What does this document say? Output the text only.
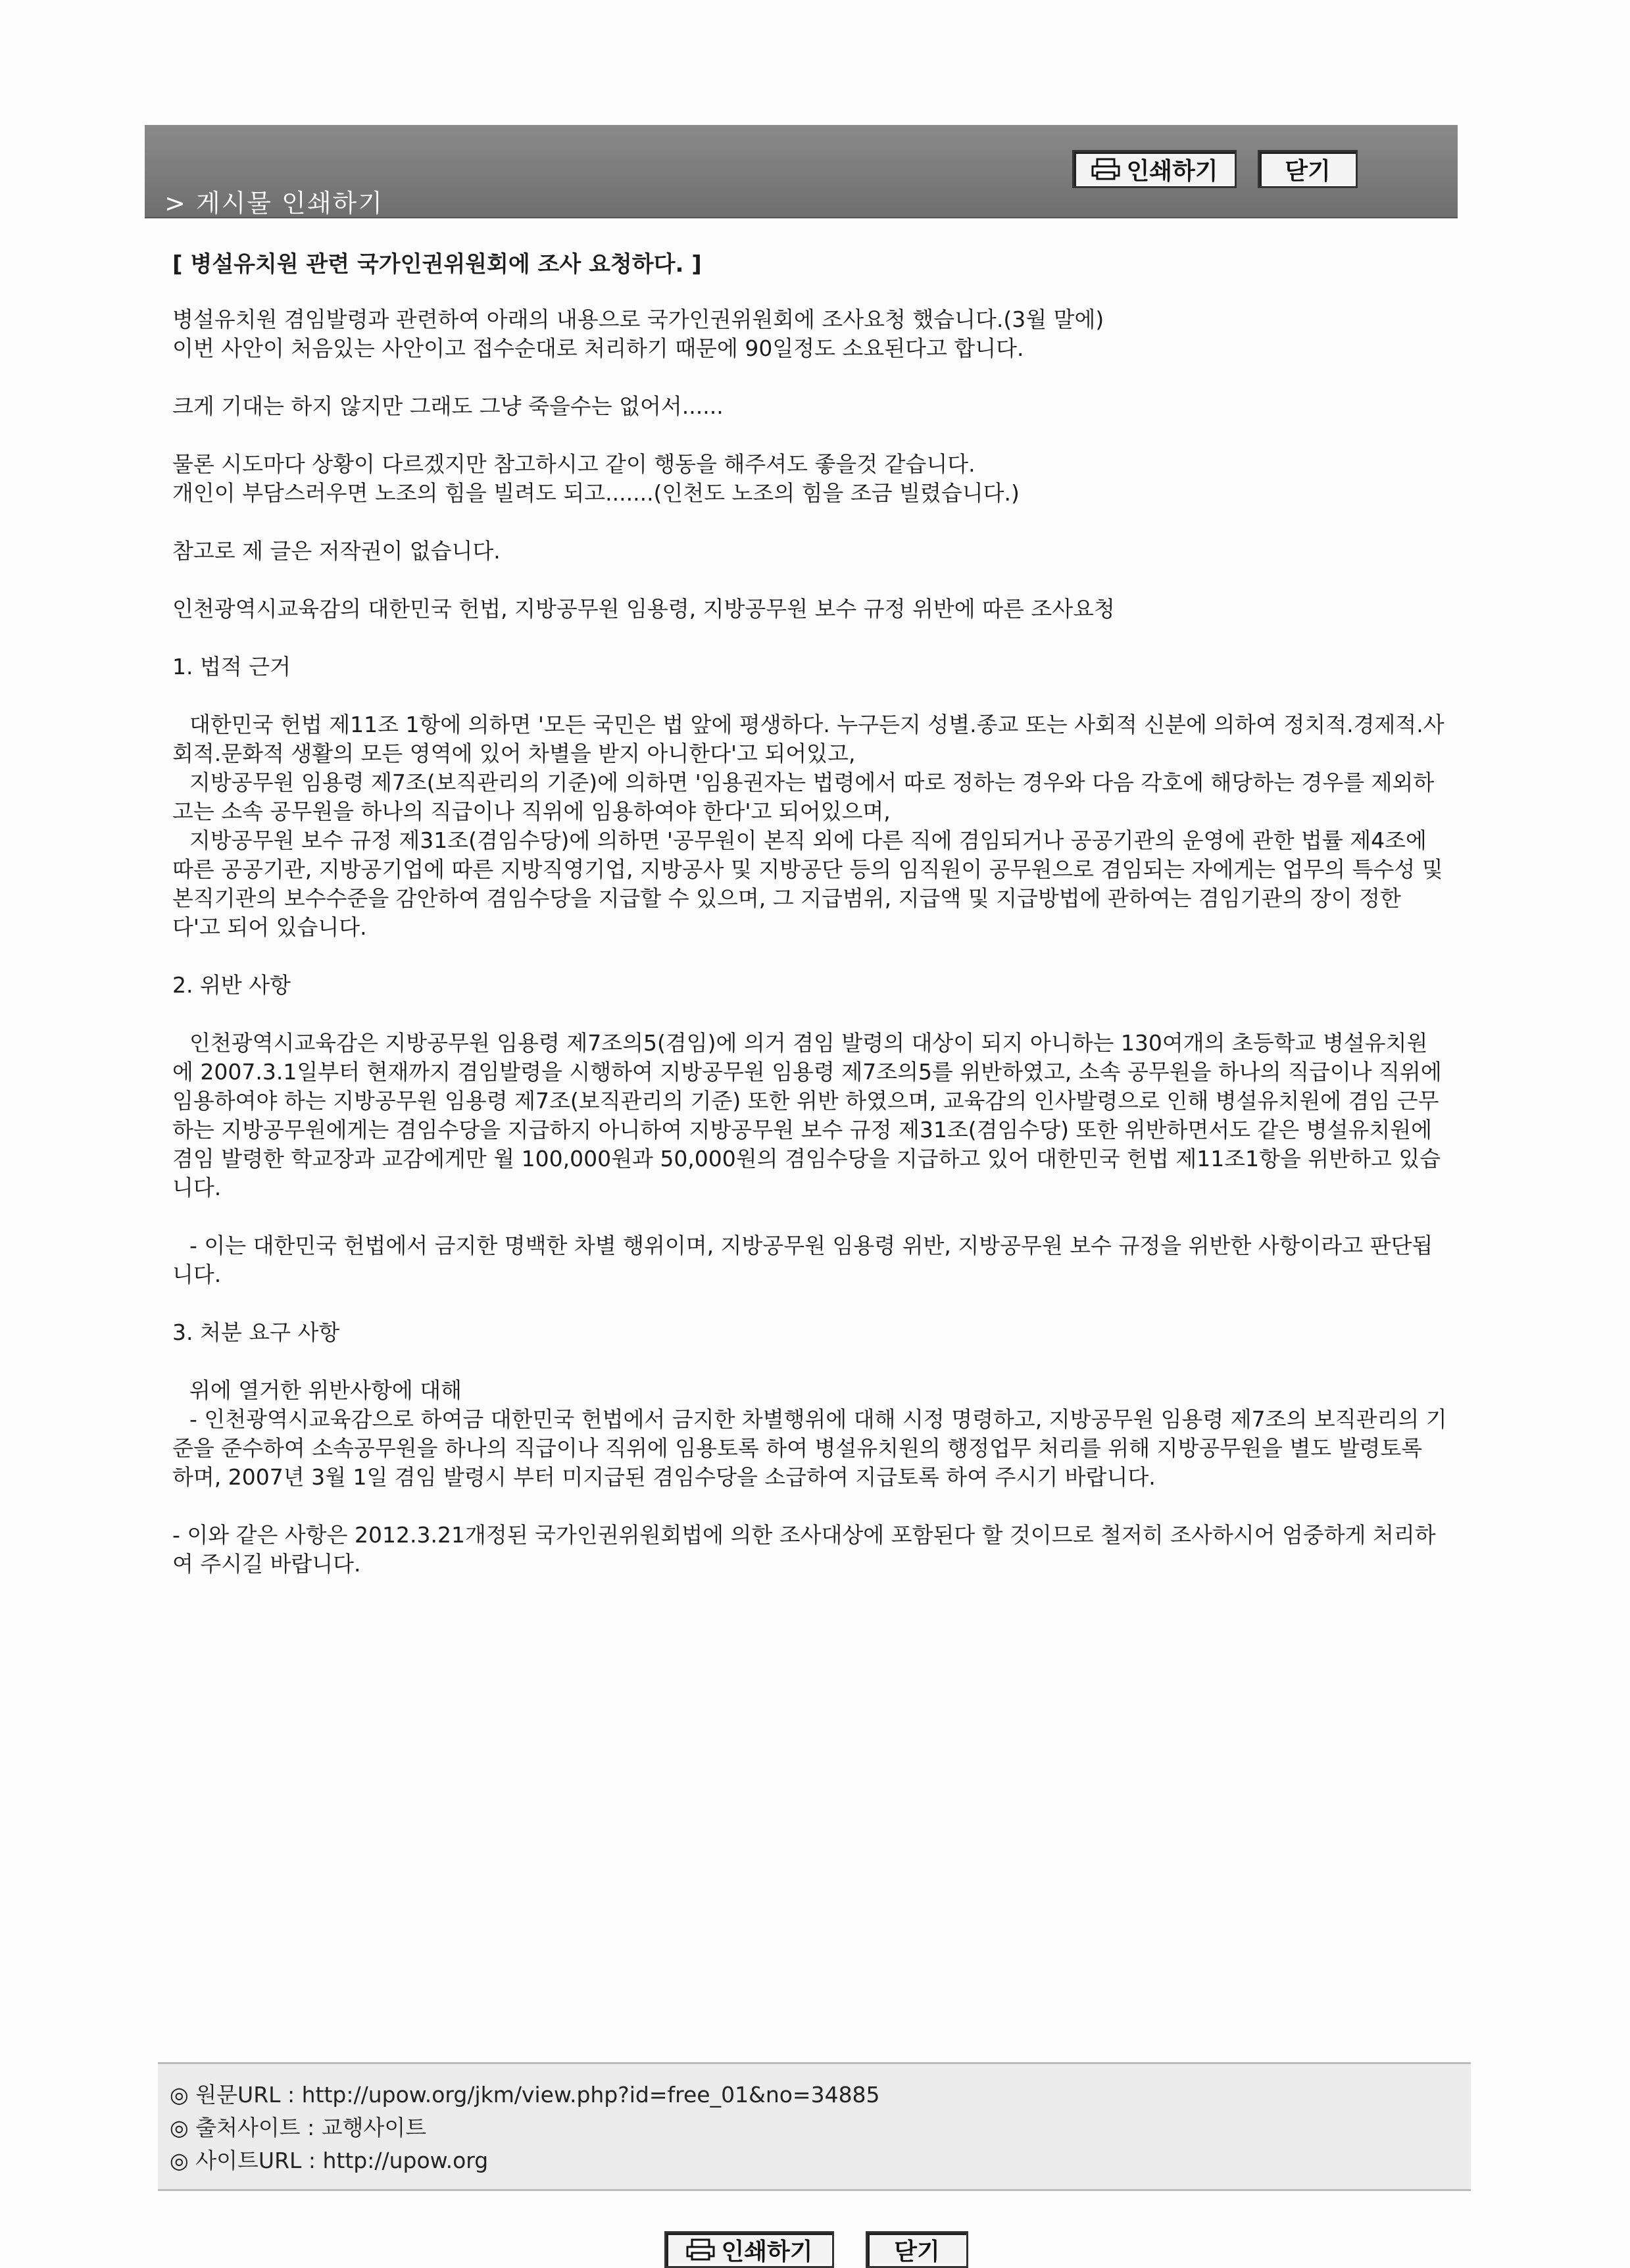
> 게시물 인쇄하기
인쇄하기	닫기

[ 병설유치원 관련 국가인권위원회에 조사 요청하다. ]

병설유치원 겸임발령과 관련하여 아래의 내용으로 국가인권위원회에 조사요청 했습니다.(3월 말에)

이번 사안이 처음있는 사안이고 접수순대로 처리하기 때문에 90일정도 소요된다고 합니다.

크게 기대는 하지 않지만 그래도 그냥 죽을수는 없어서......

물론 시도마다 상황이 다르겠지만 참고하시고 같이 행동을 해주셔도 좋을것 같습니다.

개인이 부담스러우면 노조의 힘을 빌려도 되고.......(인천도 노조의 힘을 조금 빌렸습니다.)

참고로 제 글은 저작권이 없습니다.

인천광역시교육감의 대한민국 헌법, 지방공무원 임용령, 지방공무원 보수 규정 위반에 따른 조사요청

1. 법적 근거

대한민국 헌법 제11조 1항에 의하면 '모든 국민은 법 앞에 평생하다. 누구든지 성별.종교 또는 사회적 신분에 의하여 정치적.경제적.사회적.문화적 생활의 모든 영역에 있어 차별을 받지 아니한다'고 되어있고,

지방공무원 임용령 제7조(보직관리의 기준)에 의하면 '임용권자는 법령에서 따로 정하는 경우와 다음 각호에 해당하는 경우를 제외하고는 소속 공무원을 하나의 직급이나 직위에 임용하여야 한다'고 되어있으며,

지방공무원 보수 규정 제31조(겸임수당)에 의하면 '공무원이 본직 외에 다른 직에 겸임되거나 공공기관의 운영에 관한 법률 제4조에 따른 공공기관, 지방공기업에 따른 지방직영기업, 지방공사 및 지방공단 등의 임직원이 공무원으로 겸임되는 자에게는 업무의 특수성 및 본직기관의 보수수준을 감안하여 겸임수당을 지급할 수 있으며, 그 지급범위, 지급액 및 지급방법에 관하여는 겸임기관의 장이 정한다'고 되어 있습니다.

2. 위반 사항

인천광역시교육감은 지방공무원 임용령 제7조의5(겸임)에 의거 겸임 발령의 대상이 되지 아니하는 130여개의 초등학교 병설유치원에 2007.3.1일부터 현재까지 겸임발령을 시행하여 지방공무원 임용령 제7조의5를 위반하였고, 소속 공무원을 하나의 직급이나 직위에 임용하여야 하는 지방공무원 임용령 제7조(보직관리의 기준) 또한 위반 하였으며, 교육감의 인사발령으로 인해 병설유치원에 겸임 근무하는 지방공무원에게는 겸임수당을 지급하지 아니하여 지방공무원 보수 규정 제31조(겸임수당) 또한 위반하면서도 같은 병설유치원에 겸임 발령한 학교장과 교감에게만 월 100,000원과 50,000원의 겸임수당을 지급하고 있어 대한민국 헌법 제11조1항을 위반하고 있습니다.

- 이는 대한민국 헌법에서 금지한 명백한 차별 행위이며, 지방공무원 임용령 위반, 지방공무원 보수 규정을 위반한 사항이라고 판단됩니다.

3. 처분 요구 사항

위에 열거한 위반사항에 대해

- 인천광역시교육감으로 하여금 대한민국 헌법에서 금지한 차별행위에 대해 시정 명령하고, 지방공무원 임용령 제7조의 보직관리의 기준을 준수하여 소속공무원을 하나의 직급이나 직위에 임용토록 하여 병설유치원의 행정업무 처리를 위해 지방공무원을 별도 발령토록 하며, 2007년 3월 1일 겸임 발령시 부터 미지급된 겸임수당을 소급하여 지급토록 하여 주시기 바랍니다.

- 이와 같은 사항은 2012.3.21개정된 국가인권위원회법에 의한 조사대상에 포함된다 할 것이므로 철저히 조사하시어 엄중하게 처리하여 주시길 바랍니다.

◎ 원문URL : http://upow.org/jkm/view.php?id=free_01&no=34885
◎ 출처사이트 : 교행사이트
◎ 사이트URL : http://upow.org
인쇄하기	닫기
